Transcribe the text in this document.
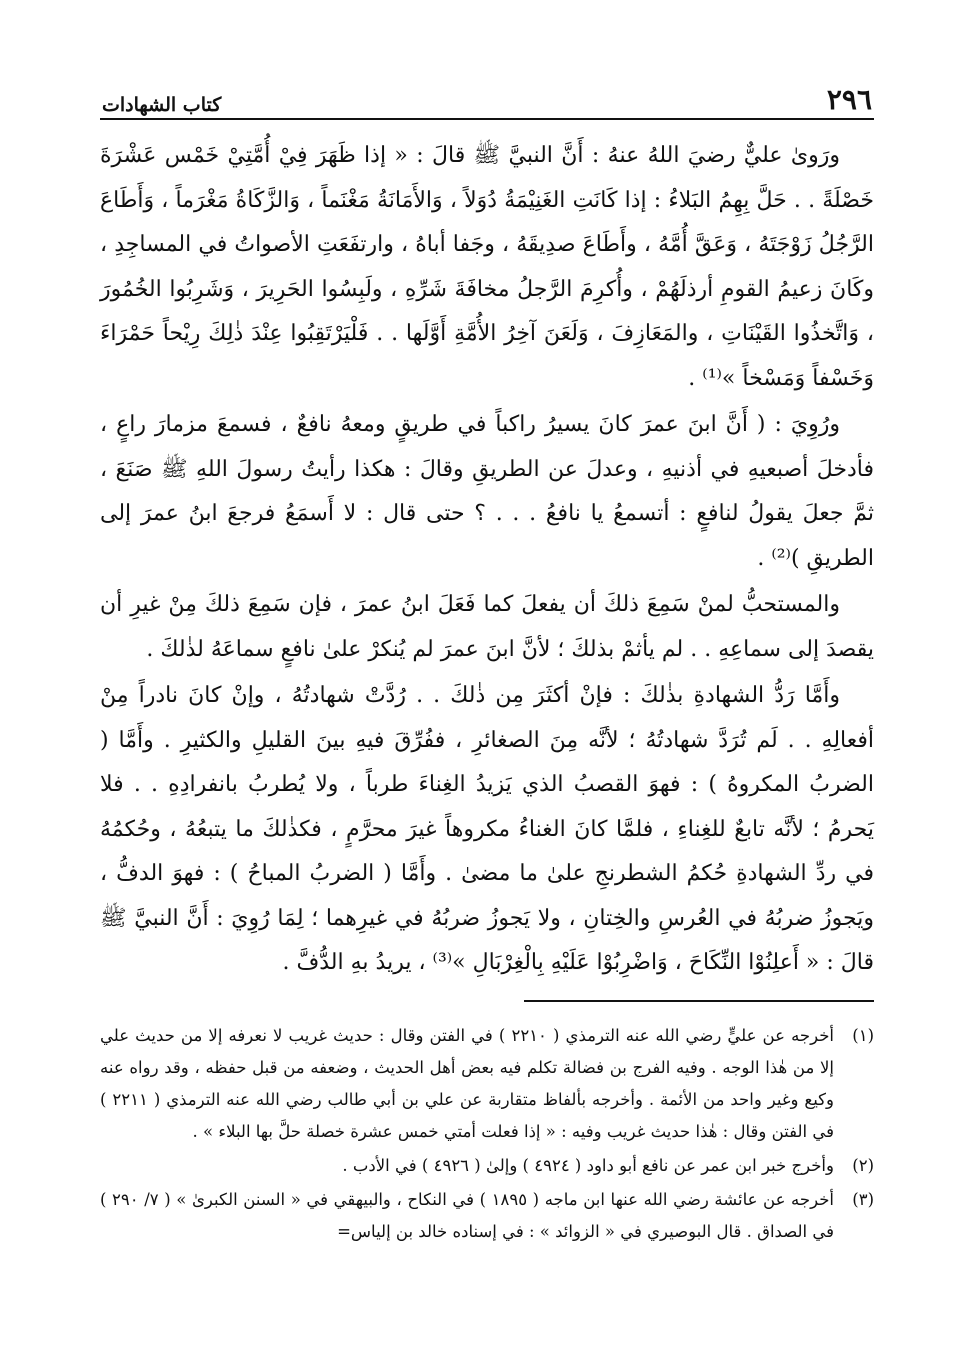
٢٩٦
كتاب الشهادات

ورَوىٰ عليٌّ رضيَ اللهُ عنهُ : أَنَّ النبيَّ ﷺ قالَ : « إذا ظَهَرَ فِيْ أُمَّتِيْ خَمْس عَشْرَةَ خَصْلَةً . . حَلَّ بِهِمُ البَلاءُ : إذا كَانَتِ الغَنِيْمَةُ دُوَلاً ، وَالأَمَانَةُ مَغْنَماً ، وَالزَّكَاةُ مَغْرَماً ، وَأَطَاعَ الرَّجُلُ زَوْجَتَهُ ، وَعَقَّ أُمَّهُ ، وأَطَاعَ صدِيقَهُ ، وجَفا أباهُ ، وارتفَعَتِ الأصواتُ في المساجِدِ ، وكَانَ زعيمُ القومِ أرذلَهُمْ ، وأُكرِمَ الرَّجلُ مخافَةَ شَرِّهِ ، ولَبِسُوا الحَرِيرَ ، وَشَرِبُوا الخُمُورَ ، وَاتَّخذُوا القَيْنَاتِ ، والمَعَازِفَ ، وَلَعَنَ آخِرُ الأُمَّةِ أَوَّلَها . . فَلْيَرْتَقِبُوا عِنْدَ ذٰلِكَ رِيْحاً حَمْرَاءَ وَخَسْفاً وَمَسْخاً »⁽¹⁾ .

ورُوِيَ : ( أَنَّ ابنَ عمرَ كانَ يسيرُ راكباً في طريقٍ ومعهُ نافعٌ ، فسمعَ مزمارَ راعٍ ، فأدخلَ أصبعيهِ في أذنيهِ ، وعدلَ عن الطريقِ وقالَ : هكذا رأيتُ رسولَ اللهِ ﷺ صَنَعَ ، ثمَّ جعلَ يقولُ لنافعٍ : أتسمعُ يا نافعُ . . . ؟ حتى قال : لا أَسمَعُ فرجعَ ابنُ عمرَ إلى الطريقِ )⁽²⁾ .

والمستحبُّ لمنْ سَمِعَ ذلكَ أن يفعلَ كما فَعَلَ ابنُ عمرَ ، فإن سَمِعَ ذلكَ مِنْ غيرِ أن يقصدَ إلى سماعِهِ . . لم يأثمْ بذلكَ ؛ لأنَّ ابنَ عمرَ لم يُنكرْ علىٰ نافعٍ سماعَهُ لذٰلكَ .

وأَمَّا رَدُّ الشهادةِ بذٰلكَ : فإنْ أكثَرَ مِن ذٰلكَ . . رُدَّتْ شهادتُهُ ، وإنْ كانَ نادراً مِنْ أفعالِهِ . . لَم تُرَدَّ شهادتُهُ ؛ لأنَّه مِنَ الصغائرِ ، ففُرِّقَ فيهِ بينَ القليلِ والكثيرِ . وأَمَّا ( الضربُ المكروهُ ) : فهوَ القصبُ الذي يَزيدُ الغِناءَ طرباً ، ولا يُطربُ بانفرادِهِ . . فلا يَحرمُ ؛ لأنَّه تابعٌ للغِناءِ ، فلمَّا كانَ الغناءُ مكروهاً غيرَ محرَّمٍ ، فكذٰلكَ ما يتبعُهُ ، وحُكمُهُ في ردِّ الشهادةِ حُكمُ الشطرنجِ علىٰ ما مضىٰ . وأَمَّا ( الضربُ المباحُ ) : فهوَ الدفُّ ، ويَجوزُ ضربُهُ في العُرسِ والخِتانِ ، ولا يَجوزُ ضربُهُ في غيرِهما ؛ لِمَا رُوِيَ : أَنَّ النبيَّ ﷺ قالَ : « أَعلِنُوْا النِّكَاحَ ، وَاضْرِبُوْا عَلَيْهِ بِالْغِرْبَالِ »⁽³⁾ ، يريدُ بهِ الدُّفَّ .

(١)
أخرجه عن عليٍّ رضي الله عنه الترمذي ( ٢٢١٠ ) في الفتن وقال : حديث غريب لا نعرفه إلا من حديث علي إلا من هٰذا الوجه . وفيه الفرج بن فضالة تكلم فيه بعض أهل الحديث ، وضعفه من قبل حفظه ، وقد رواه عنه وكيع وغير واحد من الأئمة . وأخرجه بألفاظ متقاربة عن علي بن أبي طالب رضي الله عنه الترمذي ( ٢٢١١ ) في الفتن وقال : هٰذا حديث غريب وفيه : « إذا فعلت أمتي خمس عشرة خصلة حلَّ بها البلاء » .
(٢)
وأخرج خبر ابن عمر عن نافع أبو داود ( ٤٩٢٤ ) وإلىٰ ( ٤٩٢٦ ) في الأدب .
(٣)
أخرجه عن عائشة رضي الله عنها ابن ماجه ( ١٨٩٥ ) في النكاح ، والبيهقي في « السنن الكبرىٰ » ( ٧/ ٢٩٠ ) في الصداق . قال البوصيري في « الزوائد » : في إسناده خالد بن إلياس=
